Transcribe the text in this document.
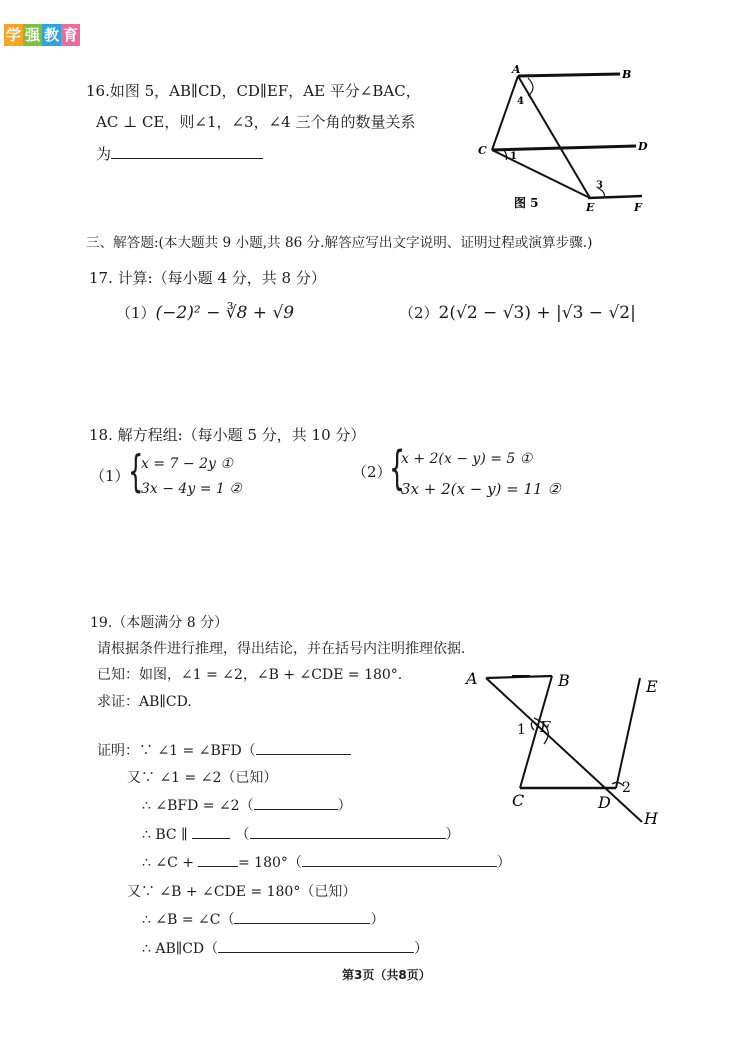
学 强 教 育
16.如图 5，AB∥CD，CD∥EF，AE 平分∠BAC，
AC ⊥ CE，则∠1，∠3，∠4 三个角的数量关系
为
A	B
C	D
E	F
4
1
3
图 5
三、解答题:(本大题共 9 小题,共 86 分.解答应写出文字说明、证明过程或演算步骤.)
17. 计算:（每小题 4 分，共 8 分）
（1）(−2)² − ∛8 + √9	（2）2(√2 − √3) + |√3 − √2|
18. 解方程组:（每小题 5 分，共 10 分）
（1）
{
x = 7 − 2y ①
3x − 4y = 1 ②
（2）
{
x + 2(x − y) = 5 ①
3x + 2(x − y) = 11 ②
19.（本题满分 8 分）
请根据条件进行推理，得出结论，并在括号内注明推理依据.
已知：如图，∠1 = ∠2，∠B + ∠CDE = 180°.
求证：AB∥CD.
证明：∵ ∠1 = ∠BFD（
又∵ ∠1 = ∠2（已知）
∴ ∠BFD = ∠2（	）
∴ BC ∥	（	）
∴ ∠C +	= 180°（	）
又∵ ∠B + ∠CDE = 180°（已知）
∴ ∠B = ∠C（	）
∴ AB∥CD（	）
A	B	E
1 F
C	D
2
H
第3页（共8页）
